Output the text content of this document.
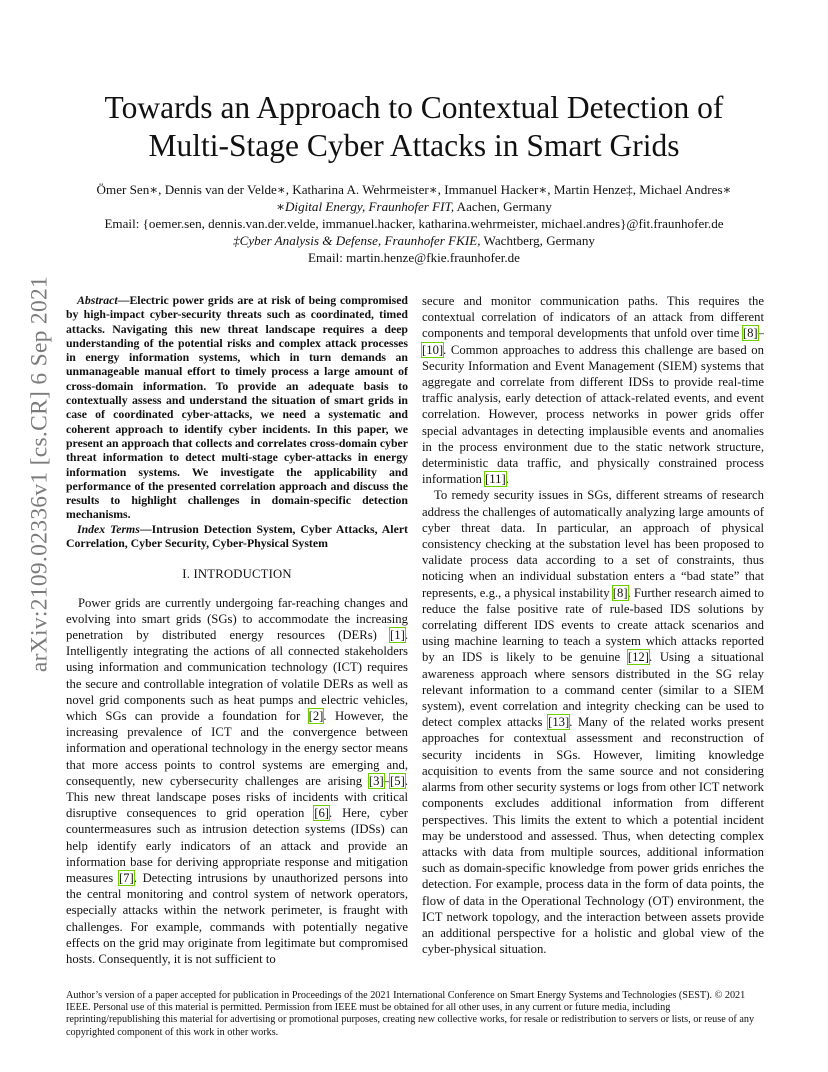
arXiv:2109.02336v1 [cs.CR] 6 Sep 2021
Towards an Approach to Contextual Detection of
Multi-Stage Cyber Attacks in Smart Grids
Ömer Sen∗, Dennis van der Velde∗, Katharina A. Wehrmeister∗, Immanuel Hacker∗, Martin Henze‡, Michael Andres∗
∗Digital Energy, Fraunhofer FIT, Aachen, Germany
Email: {oemer.sen, dennis.van.der.velde, immanuel.hacker, katharina.wehrmeister, michael.andres}@fit.fraunhofer.de
‡Cyber Analysis & Defense, Fraunhofer FKIE, Wachtberg, Germany
Email: martin.henze@fkie.fraunhofer.de

Abstract—Electric power grids are at risk of being compromised by high-impact cyber-security threats such as coordinated, timed attacks. Navigating this new threat landscape requires a deep understanding of the potential risks and complex attack processes in energy information systems, which in turn demands an unmanageable manual effort to timely process a large amount of cross-domain information. To provide an adequate basis to contextually assess and understand the situation of smart grids in case of coordinated cyber-attacks, we need a systematic and coherent approach to identify cyber incidents. In this paper, we present an approach that collects and correlates cross-domain cyber threat information to detect multi-stage cyber-attacks in energy information systems. We investigate the applicability and performance of the presented correlation approach and discuss the results to highlight challenges in domain-specific detection mechanisms.

Index Terms—Intrusion Detection System, Cyber Attacks, Alert Correlation, Cyber Security, Cyber-Physical System

I. INTRODUCTION

Power grids are currently undergoing far-reaching changes and evolving into smart grids (SGs) to accommodate the increasing penetration by distributed energy resources (DERs) [1]. Intelligently integrating the actions of all connected stakeholders using information and communication technology (ICT) requires the secure and controllable integration of volatile DERs as well as novel grid components such as heat pumps and electric vehicles, which SGs can provide a foundation for [2]. However, the increasing prevalence of ICT and the convergence between information and operational technology in the energy sector means that more access points to control systems are emerging and, consequently, new cybersecurity challenges are arising [3]–[5]. This new threat landscape poses risks of incidents with critical disruptive consequences to grid operation [6]. Here, cyber countermeasures such as intrusion detection systems (IDSs) can help identify early indicators of an attack and provide an information base for deriving appropriate response and mitigation measures [7]. Detecting intrusions by unauthorized persons into the central monitoring and control system of network operators, especially attacks within the network perimeter, is fraught with challenges. For example, commands with potentially negative effects on the grid may originate from legitimate but compromised hosts. Consequently, it is not sufficient to

secure and monitor communication paths. This requires the contextual correlation of indicators of an attack from different components and temporal developments that unfold over time [8]–[10]. Common approaches to address this challenge are based on Security Information and Event Management (SIEM) systems that aggregate and correlate from different IDSs to provide real-time traffic analysis, early detection of attack-related events, and event correlation. However, process networks in power grids offer special advantages in detecting implausible events and anomalies in the process environment due to the static network structure, deterministic data traffic, and physically constrained process information [11].

To remedy security issues in SGs, different streams of research address the challenges of automatically analyzing large amounts of cyber threat data. In particular, an approach of physical consistency checking at the substation level has been proposed to validate process data according to a set of constraints, thus noticing when an individual substation enters a “bad state” that represents, e.g., a physical instability [8]. Further research aimed to reduce the false positive rate of rule-based IDS solutions by correlating different IDS events to create attack scenarios and using machine learning to teach a system which attacks reported by an IDS is likely to be genuine [12]. Using a situational awareness approach where sensors distributed in the SG relay relevant information to a command center (similar to a SIEM system), event correlation and integrity checking can be used to detect complex attacks [13]. Many of the related works present approaches for contextual assessment and reconstruction of security incidents in SGs. However, limiting knowledge acquisition to events from the same source and not considering alarms from other security systems or logs from other ICT network components excludes additional information from different perspectives. This limits the extent to which a potential incident may be understood and assessed. Thus, when detecting complex attacks with data from multiple sources, additional information such as domain-specific knowledge from power grids enriches the detection. For example, process data in the form of data points, the flow of data in the Operational Technology (OT) environment, the ICT network topology, and the interaction between assets provide an additional perspective for a holistic and global view of the cyber-physical situation.

Author’s version of a paper accepted for publication in Proceedings of the 2021 International Conference on Smart Energy Systems and Technologies (SEST). © 2021 IEEE. Personal use of this material is permitted. Permission from IEEE must be obtained for all other uses, in any current or future media, including reprinting/republishing this material for advertising or promotional purposes, creating new collective works, for resale or redistribution to servers or lists, or reuse of any copyrighted component of this work in other works.
